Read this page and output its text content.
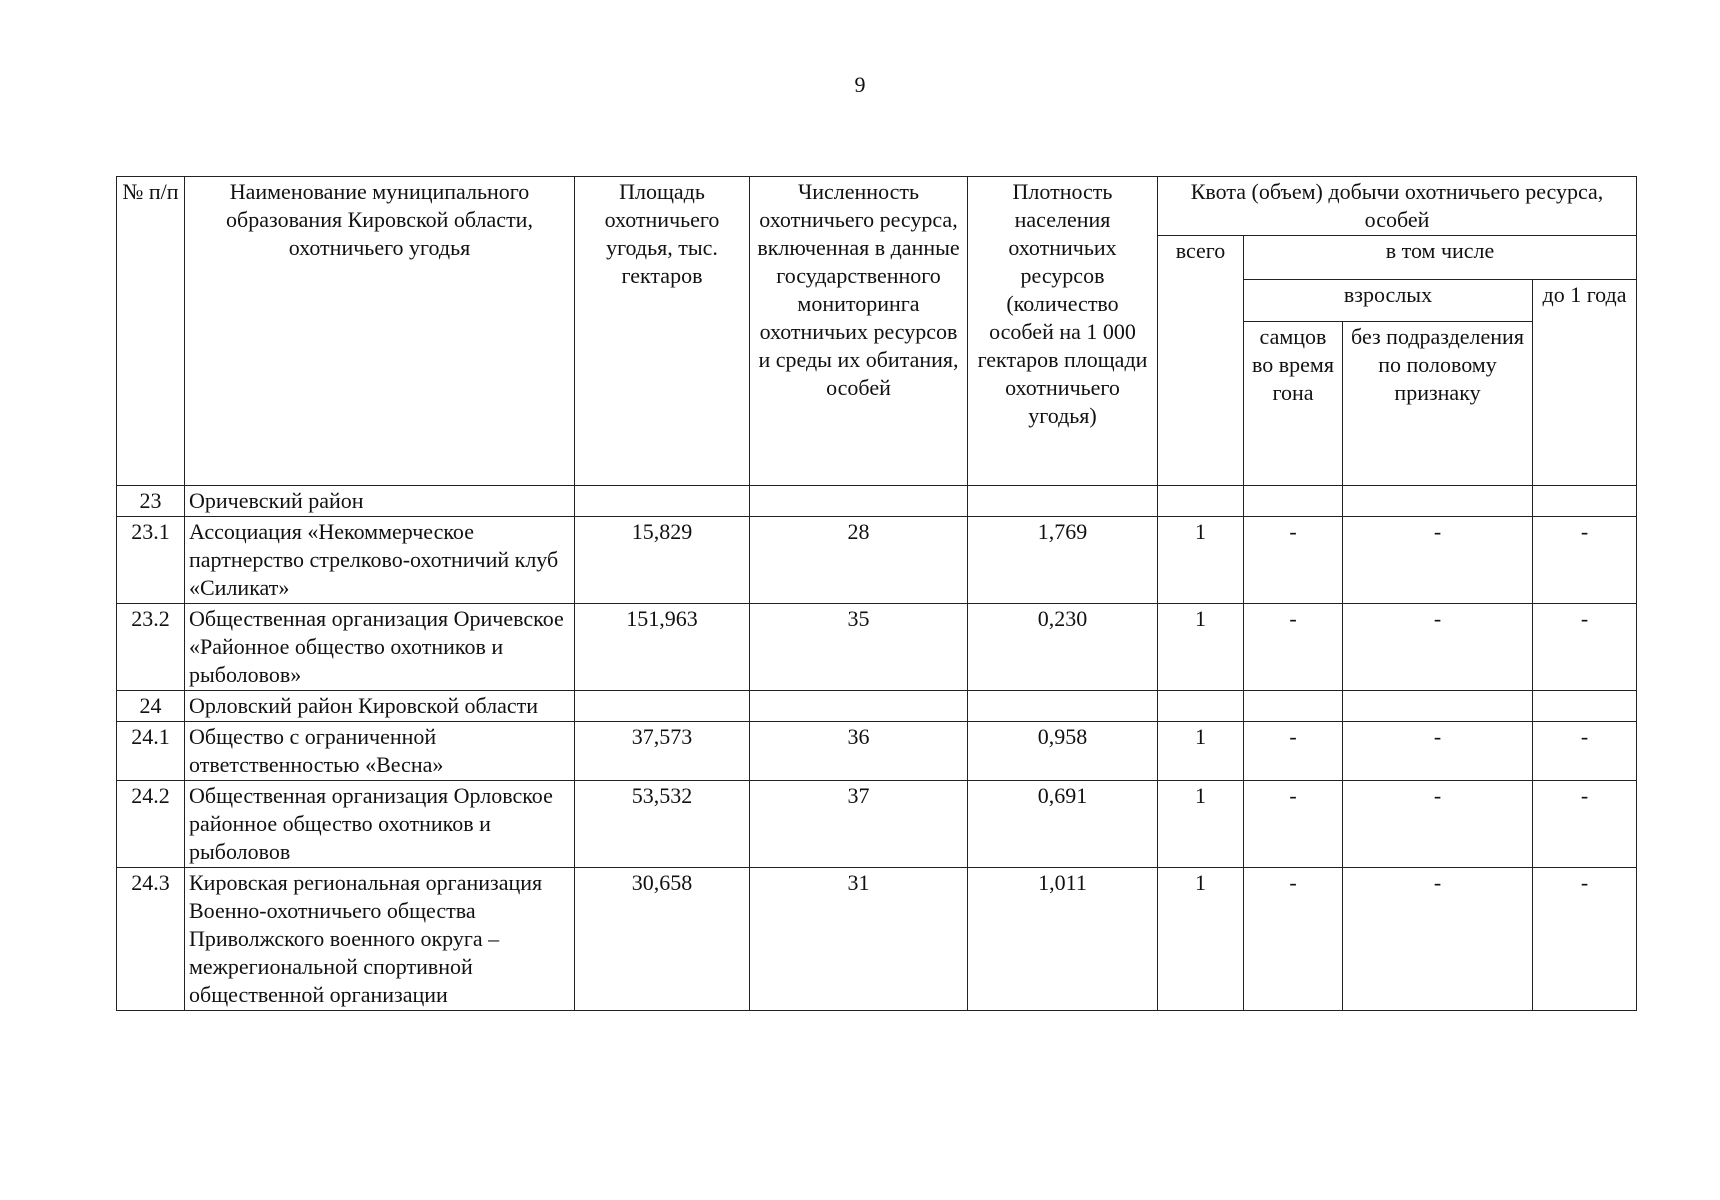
9
№ п/п	Наименование муниципального образования Кировской области, охотничьего угодья	Площадь охотничьего угодья, тыс. гектаров	Численность охотничьего ресурса, включенная в данные государственного мониторинга охотничьих ресурсов и среды их обитания, особей	Плотность населения охотничьих ресурсов (количество особей на 1 000 гектаров площади охотничьего угодья)	Квота (объем) добычи охотничьего ресурса, особей			
					всего	в том числе		
						взрослых		до 1 года
						самцов во время гона	без подразделения по половому признаку	
23	Оричевский район							
23.1	Ассоциация «Некоммерческое партнерство стрелково-охотничий клуб «Силикат»	15,829	28	1,769	1	-	-	-
23.2	Общественная организация Оричевское «Районное общество охотников и рыболовов»	151,963	35	0,230	1	-	-	-
24	Орловский район Кировской области							
24.1	Общество с ограниченной ответственностью «Весна»	37,573	36	0,958	1	-	-	-
24.2	Общественная организация Орловское районное общество охотников и рыболовов	53,532	37	0,691	1	-	-	-
24.3	Кировская региональная организация Военно-охотничьего общества Приволжского военного округа – межрегиональной спортивной общественной организации	30,658	31	1,011	1	-	-	-
